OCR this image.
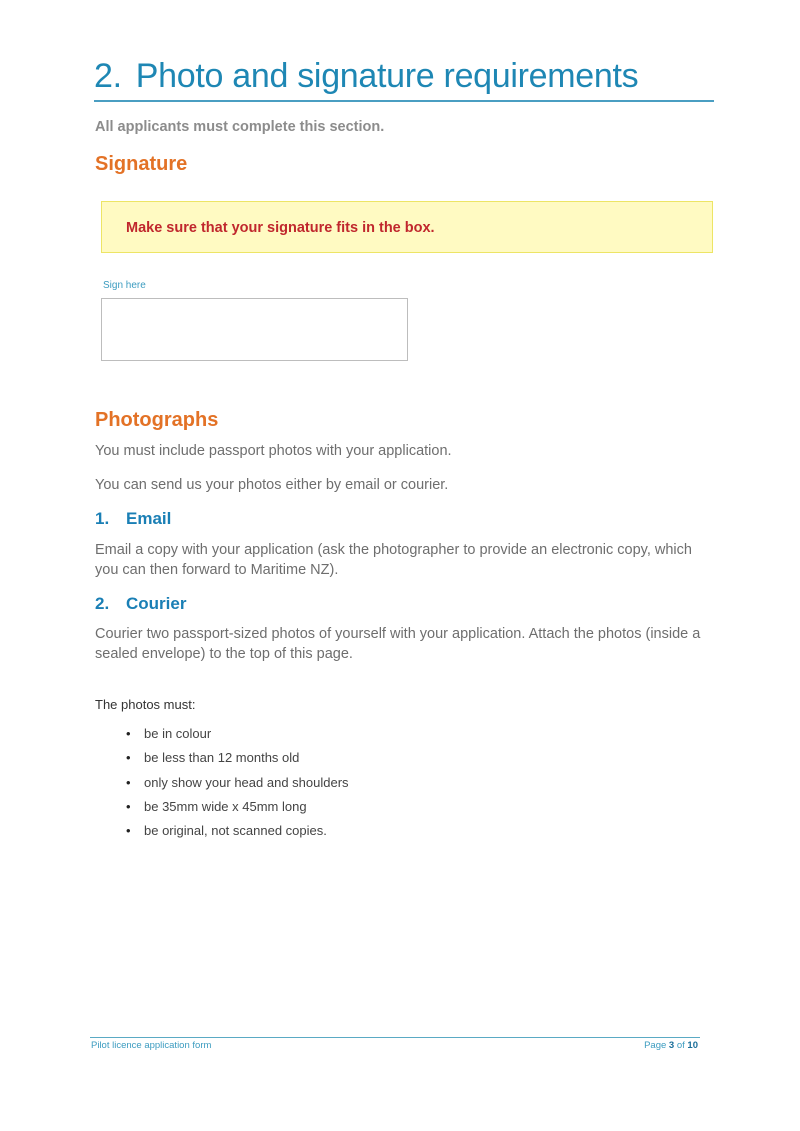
2. Photo and signature requirements
All applicants must complete this section.
Signature
Make sure that your signature fits in the box.
Sign here
Photographs
You must include passport photos with your application.
You can send us your photos either by email or courier.
1. Email
Email a copy with your application (ask the photographer to provide an electronic copy, which you can then forward to Maritime NZ).
2. Courier
Courier two passport-sized photos of yourself with your application. Attach the photos (inside a sealed envelope) to the top of this page.
The photos must:
• be in colour
• be less than 12 months old
• only show your head and shoulders
• be 35mm wide x 45mm long
• be original, not scanned copies.
Pilot licence application form	Page 3 of 10
